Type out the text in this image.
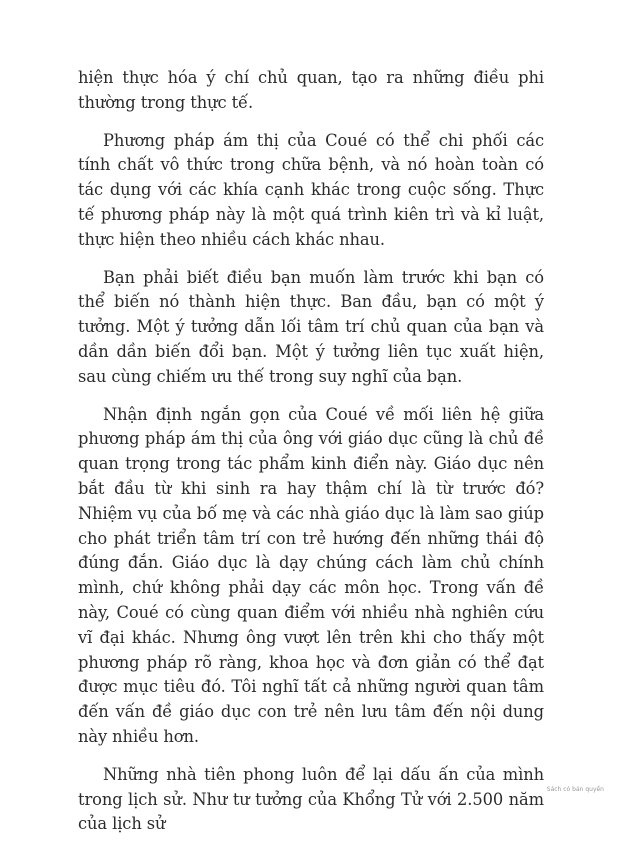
hiện thực hóa ý chí chủ quan, tạo ra những điều phi thường trong thực tế.

Phương pháp ám thị của Coué có thể chi phối các tính chất vô thức trong chữa bệnh, và nó hoàn toàn có tác dụng với các khía cạnh khác trong cuộc sống. Thực tế phương pháp này là một quá trình kiên trì và kỉ luật, thực hiện theo nhiều cách khác nhau.

Bạn phải biết điều bạn muốn làm trước khi bạn có thể biến nó thành hiện thực. Ban đầu, bạn có một ý tưởng. Một ý tưởng dẫn lối tâm trí chủ quan của bạn và dần dần biến đổi bạn. Một ý tưởng liên tục xuất hiện, sau cùng chiếm ưu thế trong suy nghĩ của bạn.

Nhận định ngắn gọn của Coué về mối liên hệ giữa phương pháp ám thị của ông với giáo dục cũng là chủ đề quan trọng trong tác phẩm kinh điển này. Giáo dục nên bắt đầu từ khi sinh ra hay thậm chí là từ trước đó? Nhiệm vụ của bố mẹ và các nhà giáo dục là làm sao giúp cho phát triển tâm trí con trẻ hướng đến những thái độ đúng đắn. Giáo dục là dạy chúng cách làm chủ chính mình, chứ không phải dạy các môn học. Trong vấn đề này, Coué có cùng quan điểm với nhiều nhà nghiên cứu vĩ đại khác. Nhưng ông vượt lên trên khi cho thấy một phương pháp rõ ràng, khoa học và đơn giản có thể đạt được mục tiêu đó. Tôi nghĩ tất cả những người quan tâm đến vấn đề giáo dục con trẻ nên lưu tâm đến nội dung này nhiều hơn.

Những nhà tiên phong luôn để lại dấu ấn của mình trong lịch sử. Như tư tưởng của Khổng Tử với 2.500 năm của lịch sử

Sách có bản quyền
